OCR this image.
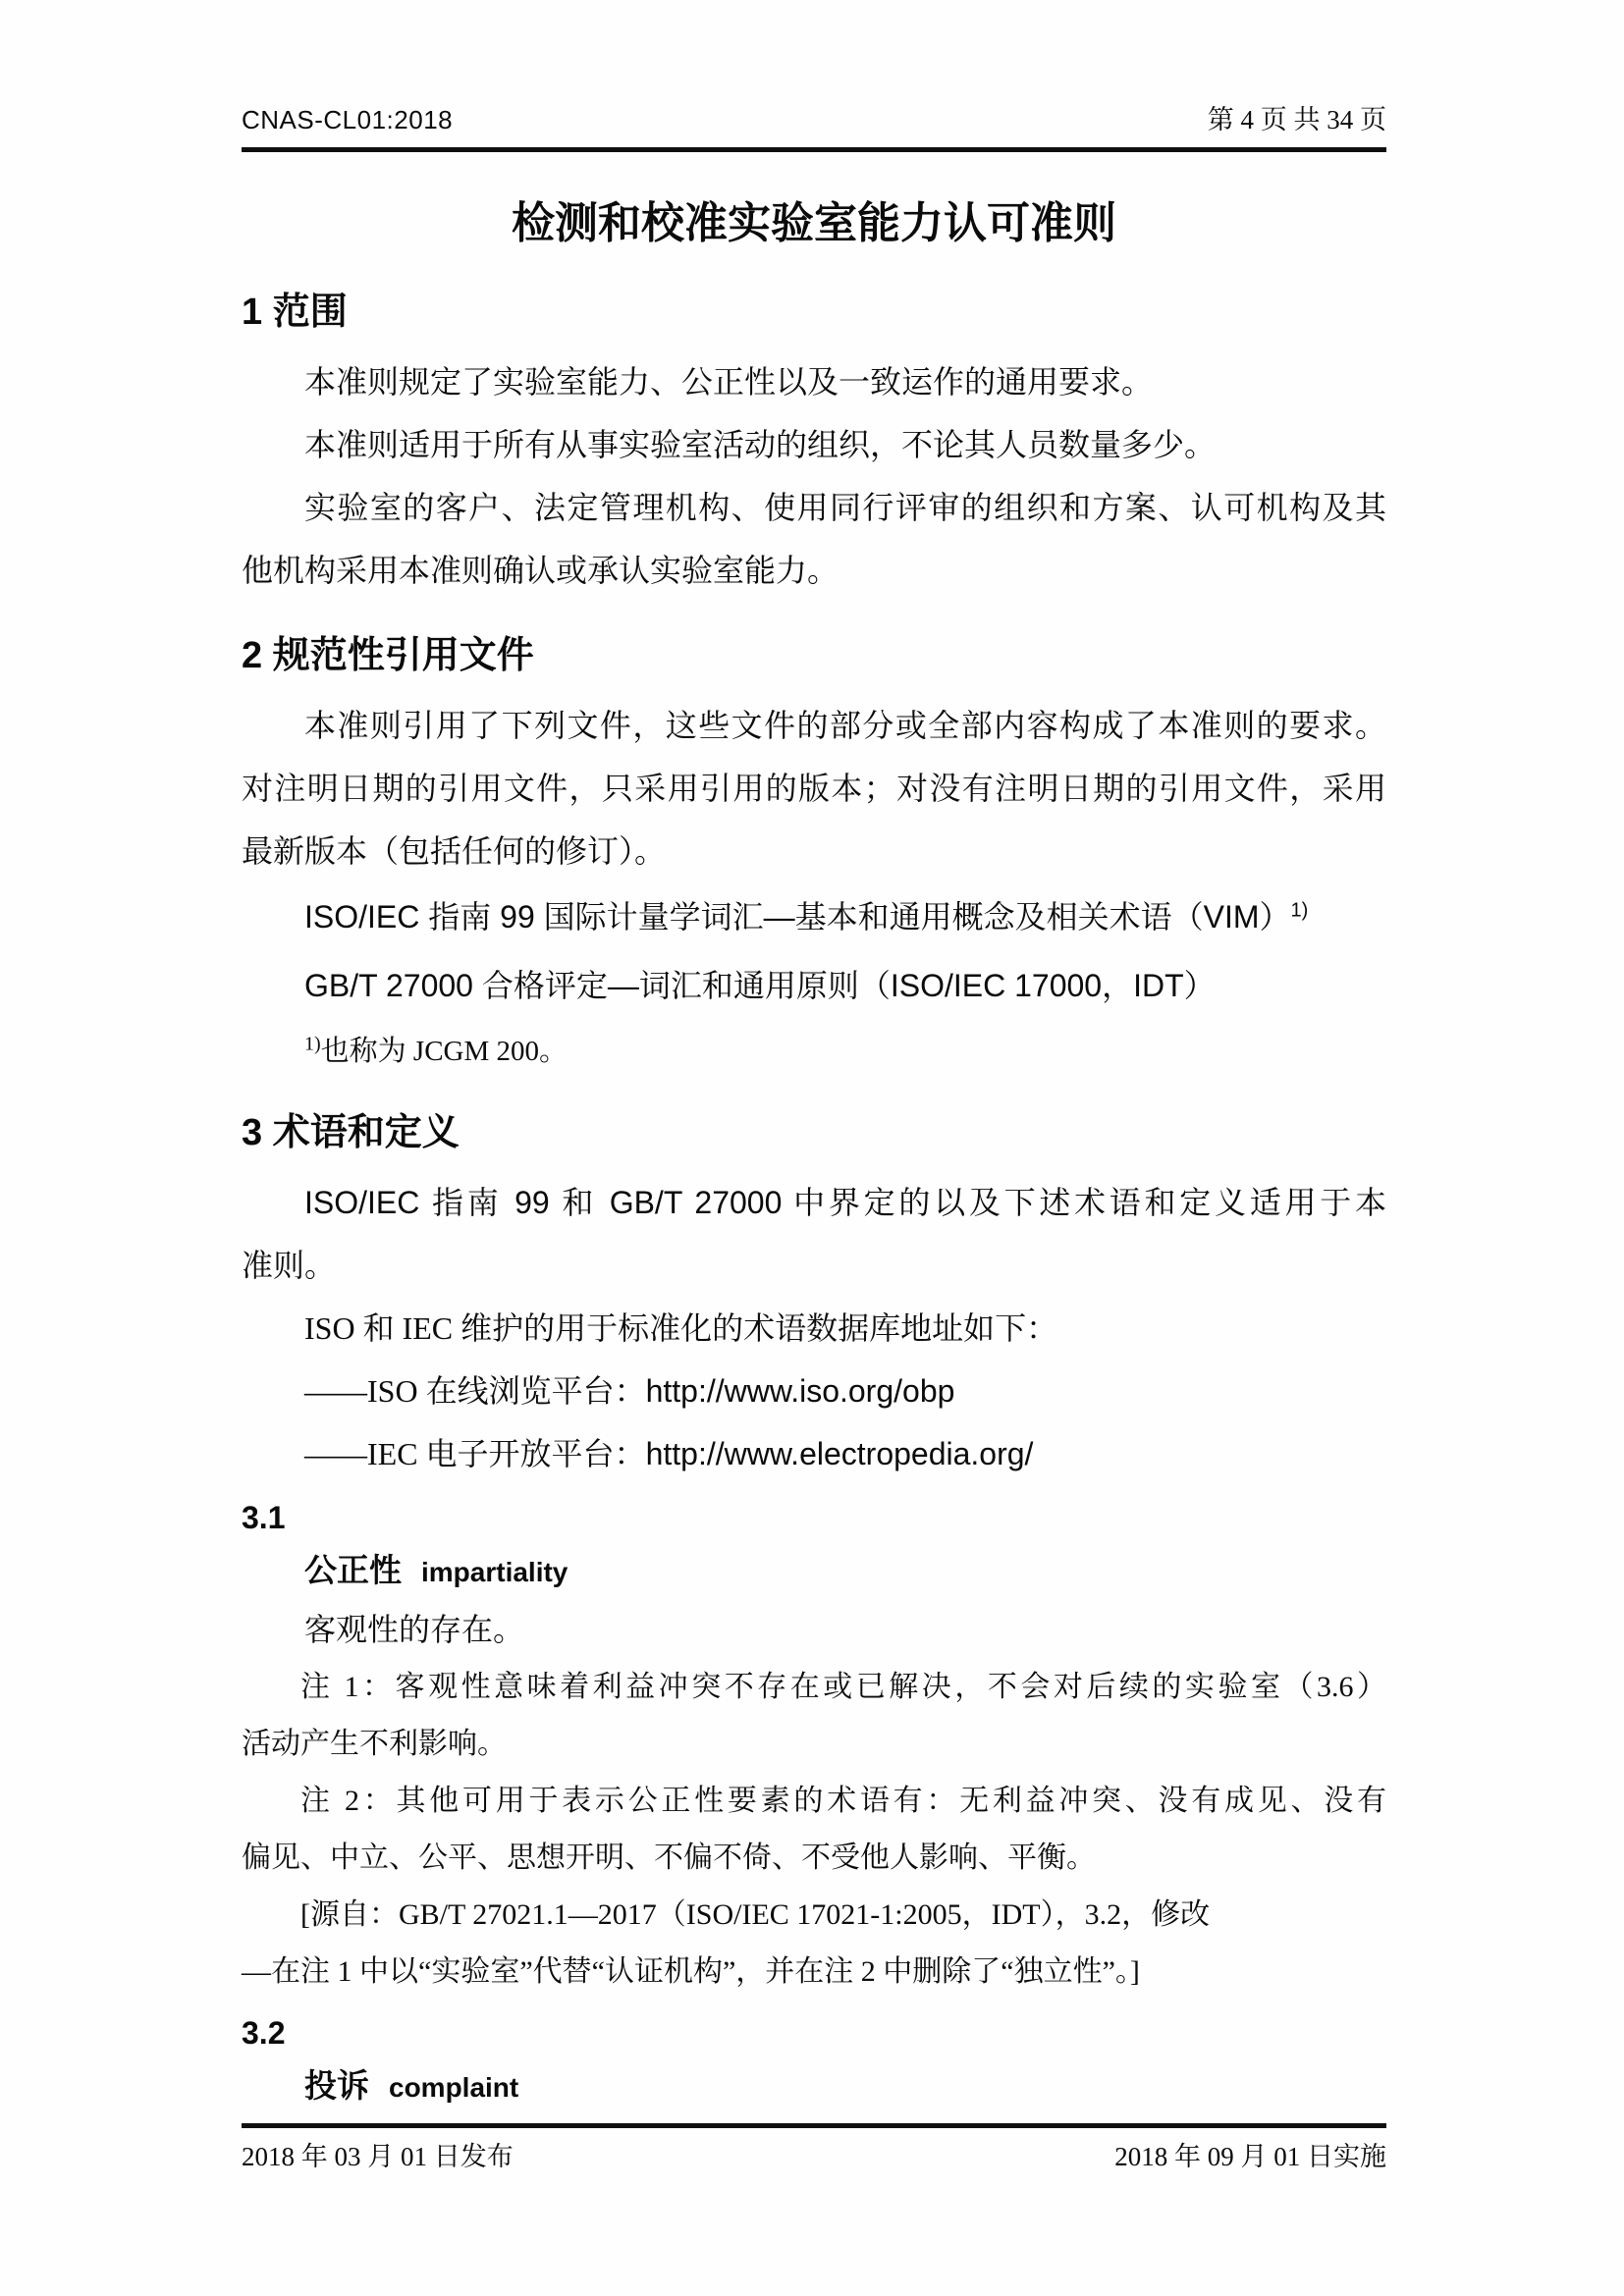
CNAS-CL01:2018	第 4 页 共 34 页
检测和校准实验室能力认可准则
1 范围
本准则规定了实验室能力、公正性以及一致运作的通用要求。
本准则适用于所有从事实验室活动的组织，不论其人员数量多少。
实验室的客户、法定管理机构、使用同行评审的组织和方案、认可机构及其
他机构采用本准则确认或承认实验室能力。
2 规范性引用文件
本准则引用了下列文件，这些文件的部分或全部内容构成了本准则的要求。
对注明日期的引用文件，只采用引用的版本；对没有注明日期的引用文件，采用
最新版本（包括任何的修订）。
ISO/IEC 指南 99 国际计量学词汇—基本和通用概念及相关术语（VIM）$^{1)}$
GB/T 27000 合格评定—词汇和通用原则（ISO/IEC 17000，IDT）
$^{1)}$也称为 JCGM 200。
3 术语和定义
ISO/IEC 指南 99 和 GB/T 27000 中界定的以及下述术语和定义适用于本
准则。
ISO 和 IEC 维护的用于标准化的术语数据库地址如下：
——ISO 在线浏览平台：http://www.iso.org/obp
——IEC 电子开放平台：http://www.electropedia.org/
3.1
公正性 impartiality
客观性的存在。
注 1：客观性意味着利益冲突不存在或已解决，不会对后续的实验室（3.6）
活动产生不利影响。
注 2：其他可用于表示公正性要素的术语有：无利益冲突、没有成见、没有
偏见、中立、公平、思想开明、不偏不倚、不受他人影响、平衡。
[源自：GB/T 27021.1—2017（ISO/IEC 17021-1:2005，IDT），3.2，修改
—在注 1 中以“实验室”代替“认证机构”，并在注 2 中删除了“独立性”。]
3.2
投诉 complaint
2018 年 03 月 01 日发布	2018 年 09 月 01 日实施
